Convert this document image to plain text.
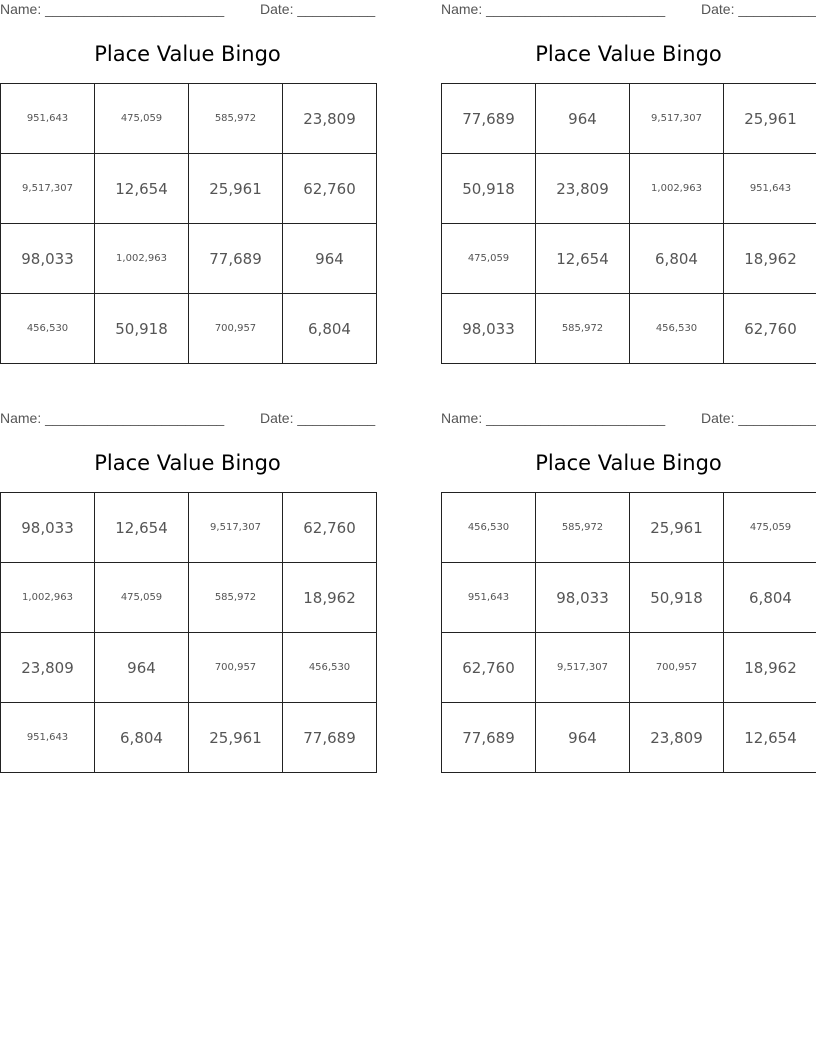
Name: _______________________	Date: __________
Place Value Bingo
951,643	475,059	585,972	23,809
9,517,307	12,654	25,961	62,760
98,033	1,002,963	77,689	964
456,530	50,918	700,957	6,804
Name: _______________________	Date: __________
Place Value Bingo
77,689	964	9,517,307	25,961
50,918	23,809	1,002,963	951,643
475,059	12,654	6,804	18,962
98,033	585,972	456,530	62,760
Name: _______________________	Date: __________
Place Value Bingo
98,033	12,654	9,517,307	62,760
1,002,963	475,059	585,972	18,962
23,809	964	700,957	456,530
951,643	6,804	25,961	77,689
Name: _______________________	Date: __________
Place Value Bingo
456,530	585,972	25,961	475,059
951,643	98,033	50,918	6,804
62,760	9,517,307	700,957	18,962
77,689	964	23,809	12,654
